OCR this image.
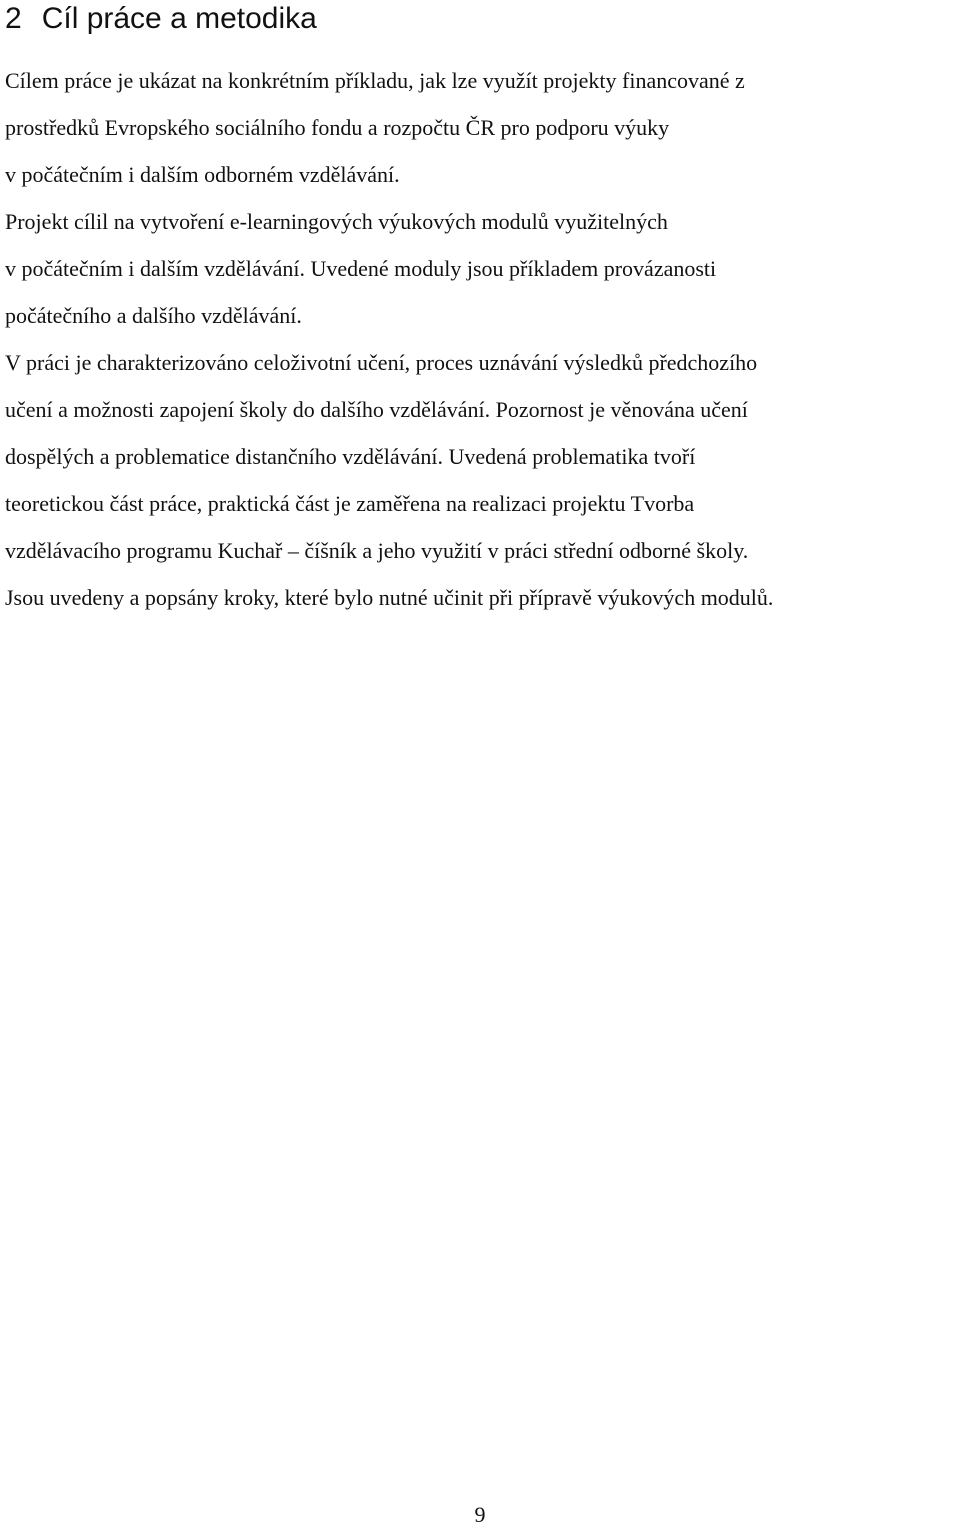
2 Cíl práce a metodika
Cílem práce je ukázat na konkrétním příkladu, jak lze využít projekty financované z
prostředků Evropského sociálního fondu a rozpočtu ČR pro podporu výuky
v počátečním i dalším odborném vzdělávání.
Projekt cílil na vytvoření e-learningových výukových modulů využitelných
v počátečním i dalším vzdělávání. Uvedené moduly jsou příkladem provázanosti
počátečního a dalšího vzdělávání.
V práci je charakterizováno celoživotní učení, proces uznávání výsledků předchozího
učení a možnosti zapojení školy do dalšího vzdělávání. Pozornost je věnována učení
dospělých a problematice distančního vzdělávání. Uvedená problematika tvoří
teoretickou část práce, praktická část je zaměřena na realizaci projektu Tvorba
vzdělávacího programu Kuchař – číšník a jeho využití v práci střední odborné školy.
Jsou uvedeny a popsány kroky, které bylo nutné učinit při přípravě výukových modulů.
9
